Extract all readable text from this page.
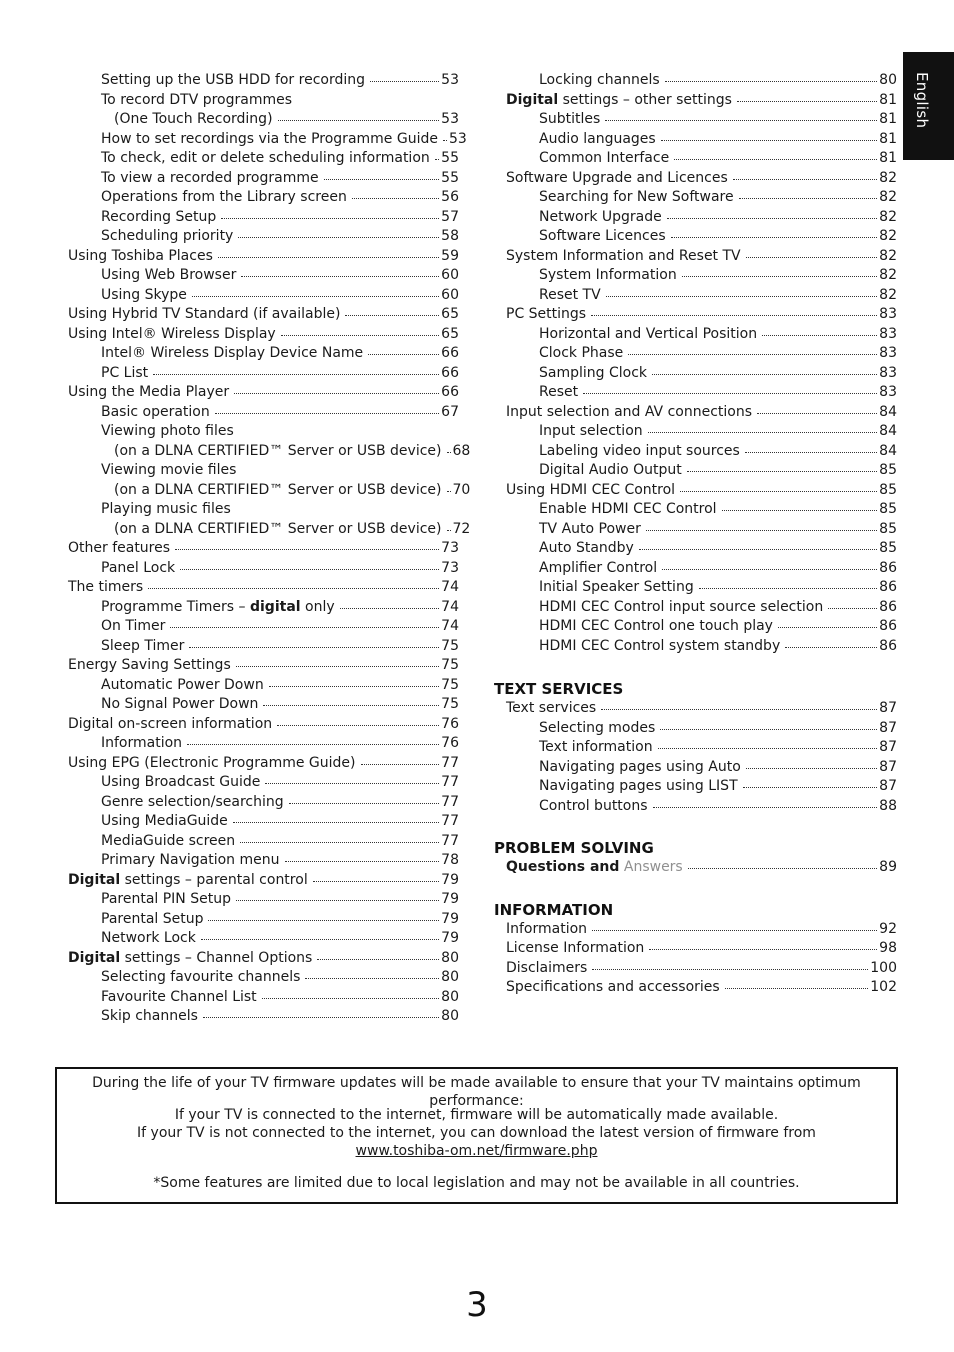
English
Setting up the USB HDD for recording	53
To record DTV programmes
(One Touch Recording)	53
How to set recordings via the Programme Guide 53
To check, edit or delete scheduling information 55
To view a recorded programme	55
Operations from the Library screen	56
Recording Setup	57
Scheduling priority	58
Using Toshiba Places	59
Using Web Browser	60
Using Skype	60
Using Hybrid TV Standard (if available)	65
Using Intel® Wireless Display	65
Intel® Wireless Display Device Name	66
PC List	66
Using the Media Player	66
Basic operation	67
Viewing photo files
(on a DLNA CERTIFIED™ Server or USB device) 68
Viewing movie files
(on a DLNA CERTIFIED™ Server or USB device) 70
Playing music files
(on a DLNA CERTIFIED™ Server or USB device) 72
Other features	73
Panel Lock	73
The timers	74
Programme Timers – digital only	74
On Timer	74
Sleep Timer	75
Energy Saving Settings	75
Automatic Power Down	75
No Signal Power Down	75
Digital on-screen information	76
Information	76
Using EPG (Electronic Programme Guide)	77
Using Broadcast Guide	77
Genre selection/searching	77
Using MediaGuide	77
MediaGuide screen	77
Primary Navigation menu	78
Digital settings – parental control	79
Parental PIN Setup	79
Parental Setup	79
Network Lock	79
Digital settings – Channel Options	80
Selecting favourite channels	80
Favourite Channel List	80
Skip channels	80
Locking channels	80
Digital settings – other settings	81
Subtitles	81
Audio languages	81
Common Interface	81
Software Upgrade and Licences	82
Searching for New Software	82
Network Upgrade	82
Software Licences	82
System Information and Reset TV	82
System Information	82
Reset TV	82
PC Settings	83
Horizontal and Vertical Position	83
Clock Phase	83
Sampling Clock	83
Reset	83
Input selection and AV connections	84
Input selection	84
Labeling video input sources	84
Digital Audio Output	85
Using HDMI CEC Control	85
Enable HDMI CEC Control	85
TV Auto Power	85
Auto Standby	85
Amplifier Control	86
Initial Speaker Setting	86
HDMI CEC Control input source selection	86
HDMI CEC Control one touch play	86
HDMI CEC Control system standby	86
TEXT SERVICES
Text services	87
Selecting modes	87
Text information	87
Navigating pages using Auto	87
Navigating pages using LIST	87
Control buttons	88
PROBLEM SOLVING
Questions and Answers	89
INFORMATION
Information	92
License Information	98
Disclaimers	100
Specifications and accessories	102

During the life of your TV firmware updates will be made available to ensure that your TV maintains optimum performance:

If your TV is connected to the internet, firmware will be automatically made available.

If your TV is not connected to the internet, you can download the latest version of firmware from

www.toshiba-om.net/firmware.php

*Some features are limited due to local legislation and may not be available in all countries.

3
